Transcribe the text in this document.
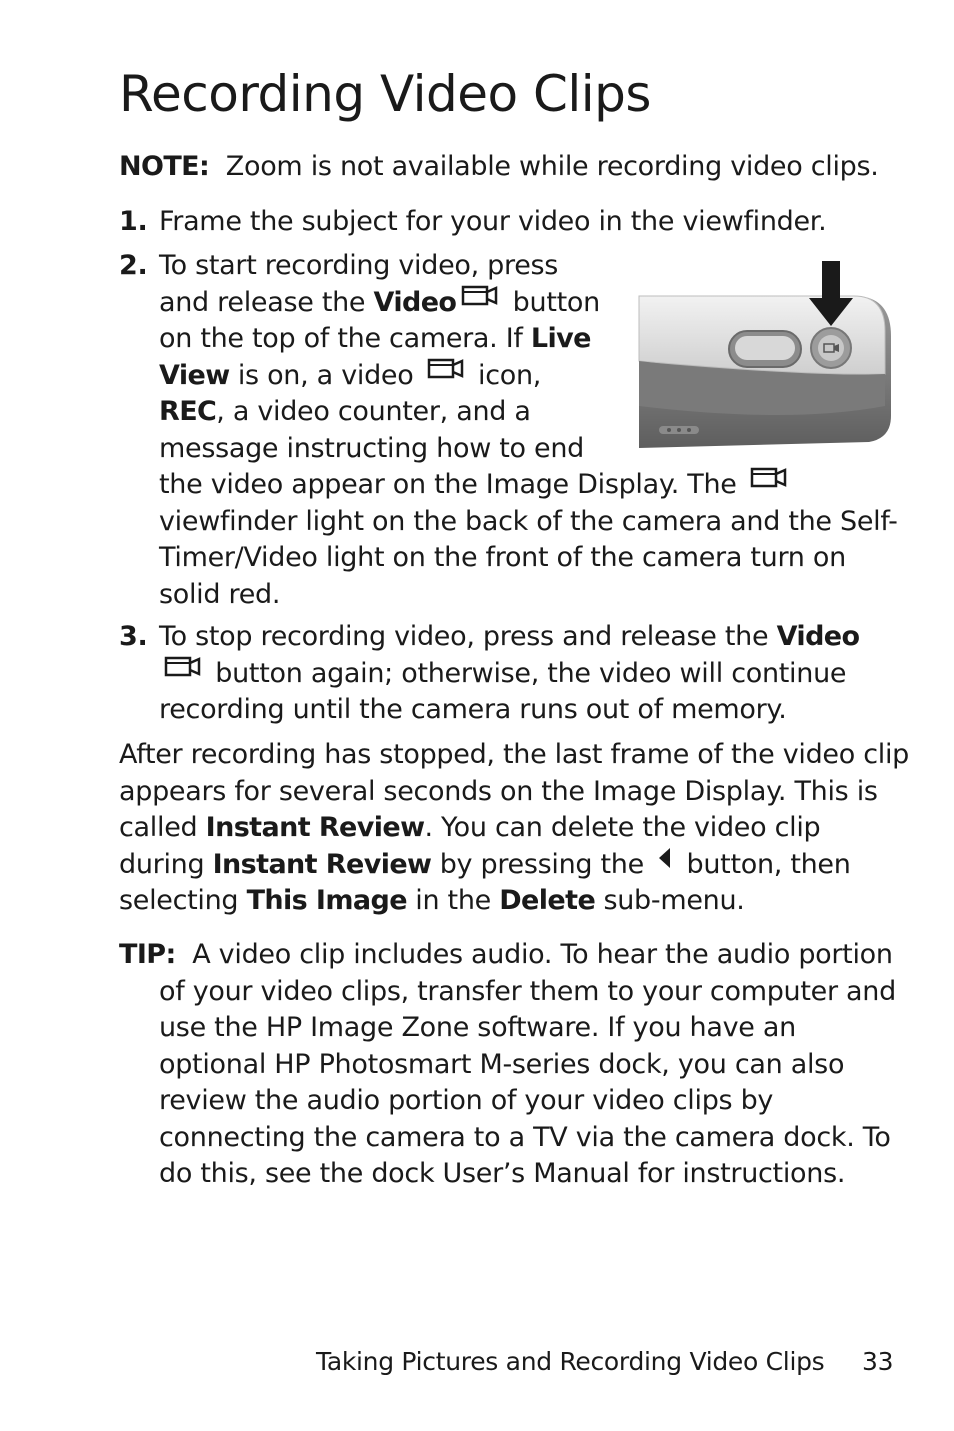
Recording Video Clips
NOTE: Zoom is not available while recording video clips.
1. Frame the subject for your video in the viewfinder.
2. To start recording video, press and release the Video button on the top of the camera. If Live View is on, a video  icon, REC, a video counter, and a message instructing how to end the video appear on the Image Display. The  viewfinder light on the back of the camera and the Self-Timer/Video light on the front of the camera turn on solid red.
3. To stop recording video, press and release the Video button again; otherwise, the video will continue recording until the camera runs out of memory.
After recording has stopped, the last frame of the video clip appears for several seconds on the Image Display. This is called Instant Review. You can delete the video clip during Instant Review by pressing the  button, then selecting This Image in the Delete sub-menu.
TIP: A video clip includes audio. To hear the audio portion of your video clips, transfer them to your computer and use the HP Image Zone software. If you have an optional HP Photosmart M-series dock, you can also review the audio portion of your video clips by connecting the camera to a TV via the camera dock. To do this, see the dock User’s Manual for instructions.
Taking Pictures and Recording Video Clips 33
